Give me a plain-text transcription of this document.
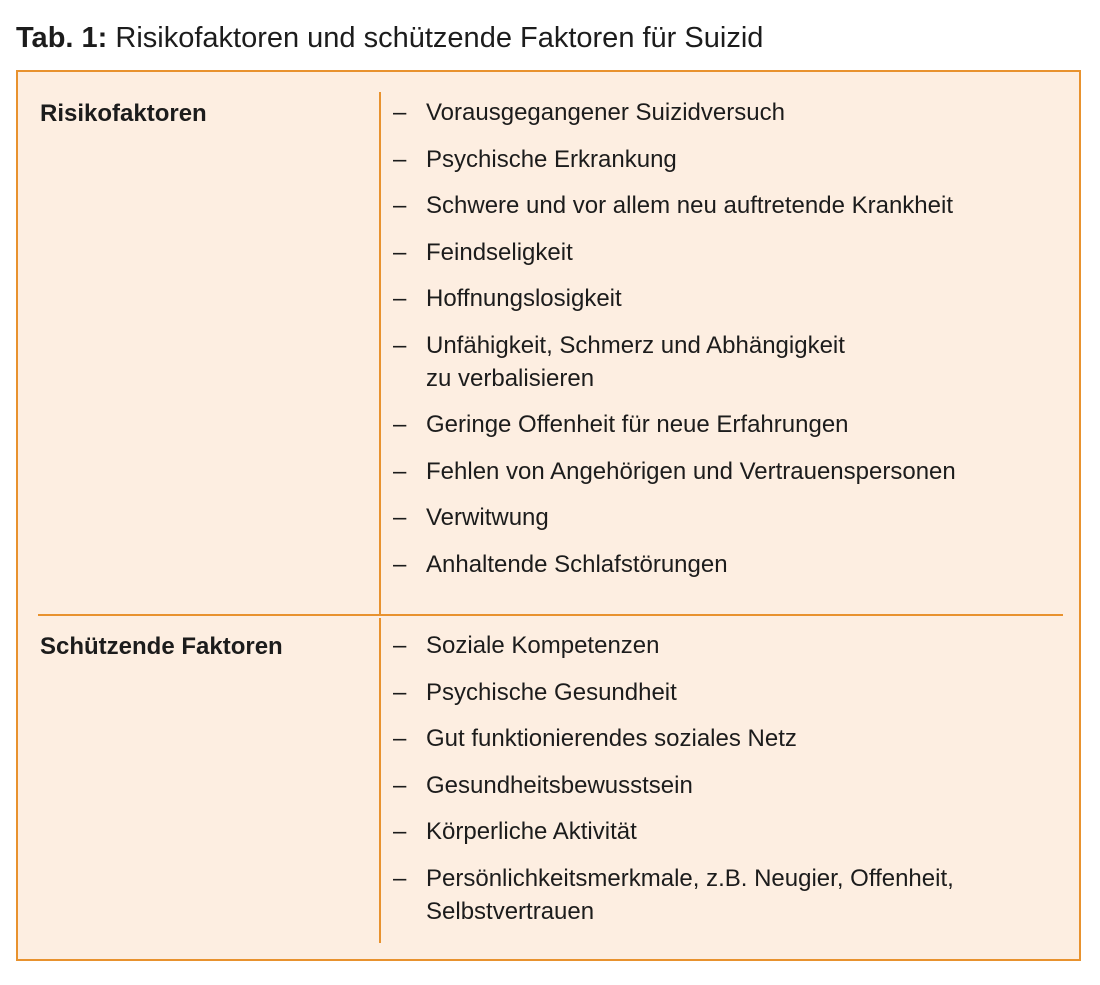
Tab. 1: Risikofaktoren und schützende Faktoren für Suizid
Risikofaktoren	– Vorausgegangener Suizidversuch
– Psychische Erkrankung
– Schwere und vor allem neu auftretende Krankheit
– Feindseligkeit
– Hoffnungslosigkeit
– Unfähigkeit, Schmerz und Abhängigkeit
zu verbalisieren
– Geringe Offenheit für neue Erfahrungen
– Fehlen von Angehörigen und Vertrauenspersonen
– Verwitwung
– Anhaltende Schlafstörungen
Schützende Faktoren	– Soziale Kompetenzen
– Psychische Gesundheit
– Gut funktionierendes soziales Netz
– Gesundheitsbewusstsein
– Körperliche Aktivität
– Persönlichkeitsmerkmale, z.B. Neugier, Offenheit,
Selbstvertrauen
